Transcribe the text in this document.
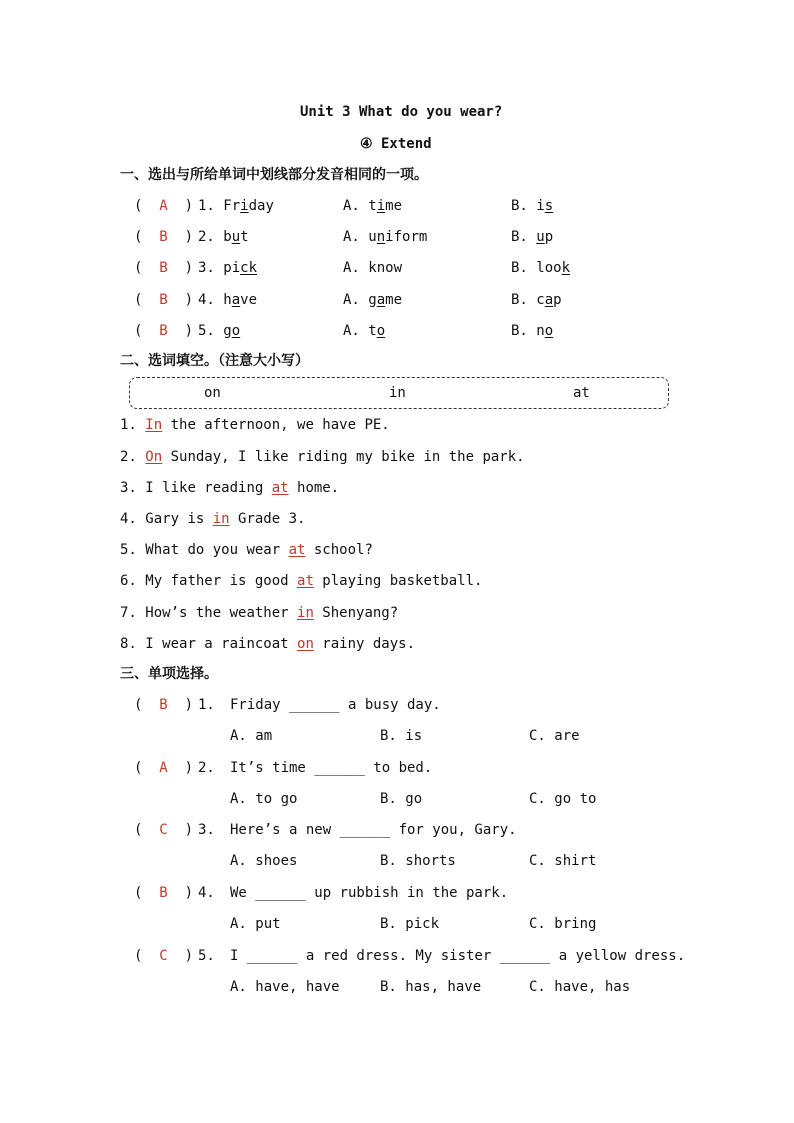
Unit 3 What do you wear?
④ Extend
一、选出与所给单词中划线部分发音相同的一项。
(  A  ) 1. Friday	A. time	B. is
(  B  ) 2. but	A. uniform	B. up
(  B  ) 3. pick	A. know	B. look
(  B  ) 4. have	A. game	B. cap
(  B  ) 5. go	A. to	B. no
二、选词填空。（注意大小写）
on	in	at
1. In the afternoon, we have PE.
2. On Sunday, I like riding my bike in the park.
3. I like reading at home.
4. Gary is in Grade 3.
5. What do you wear at school?
6. My father is good at playing basketball.
7. How’s the weather in Shenyang?
8. I wear a raincoat on rainy days.
三、单项选择。
(  B  ) 1. Friday ______ a busy day.
A. am	B. is	C. are
(  A  ) 2. It’s time ______ to bed.
A. to go	B. go	C. go to
(  C  ) 3. Here’s a new ______ for you, Gary.
A. shoes	B. shorts	C. shirt
(  B  ) 4. We ______ up rubbish in the park.
A. put	B. pick	C. bring
(  C  ) 5. I ______ a red dress. My sister ______ a yellow dress.
A. have, have	B. has, have	C. have, has
